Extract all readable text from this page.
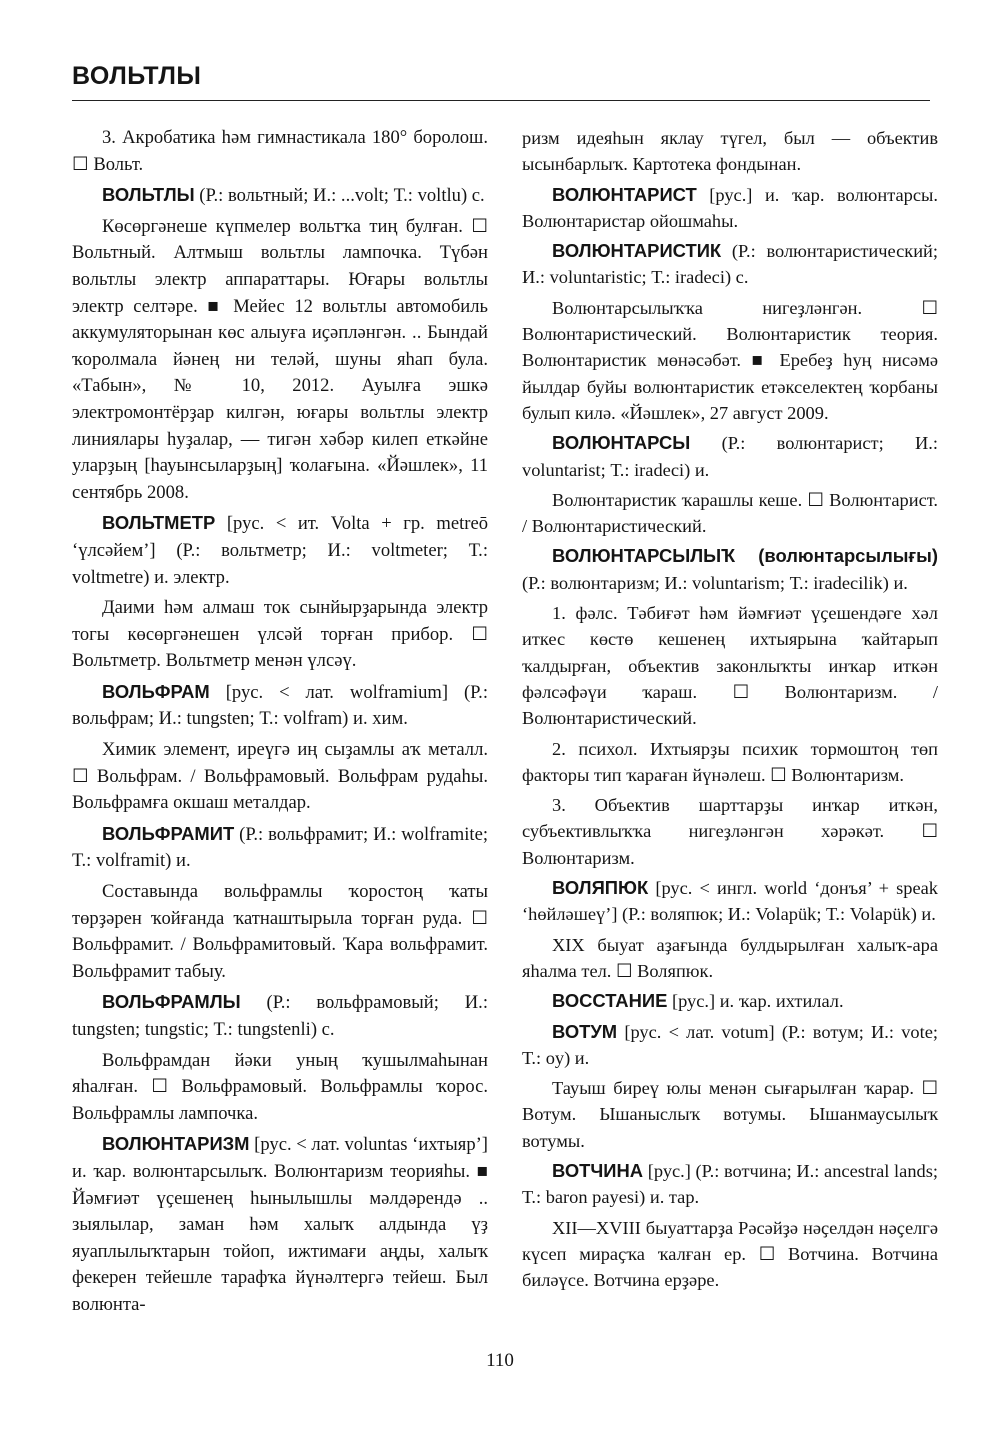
ВОЛЬТЛЫ

3. Акробатика һәм гимнастикала 180° боролош. ☐ Вольт.

ВОЛЬТЛЫ (Р.: вольтный; И.: ...volt; Т.: voltlu) с.

Көсөргәнеше күпмелер вольтҡа тиң булған. ☐ Вольтный. Алтмыш вольтлы лампочка. Түбән вольтлы электр аппараттары. Юғары вольтлы электр селтәре. ■ Мейес 12 вольтлы автомобиль аккумуляторынан көс алыуға иҫәпләнгән. .. Бындай ҡоролмала йәнең ни теләй, шуны яһап була. «Табын», № 10, 2012. Ауылға эшкә электромонтёрҙар килгән, юғары вольтлы электр линиялары һуҙалар, — тигән хәбәр килеп еткәйне уларҙың [һауынсыларҙың] ҡолағына. «Йәшлек», 11 сентябрь 2008.

ВОЛЬТМЕТР [рус. < ит. Volta + гр. metreō ‘үлсәйем’] (Р.: вольтметр; И.: voltmeter; Т.: voltmetre) и. электр.

Даими һәм алмаш ток сынйырҙарында электр тогы көсөргәнешен үлсәй торған прибор. ☐ Вольтметр. Вольтметр менән үлсәү.

ВОЛЬФРАМ [рус. < лат. wolframium] (Р.: вольфрам; И.: tungsten; Т.: volfram) и. хим.

Химик элемент, иреүгә иң сыҙамлы аҡ металл. ☐ Вольфрам. / Вольфрамовый. Вольфрам рудаһы. Вольфрамға окшаш металдар.

ВОЛЬФРАМИТ (Р.: вольфрамит; И.: wolframite; Т.: volframit) и.

Составында вольфрамлы ҡоростоң ҡаты төрҙәрен ҡойғанда ҡатнаштырыла торған руда. ☐ Вольфрамит. / Вольфрамитовый. Ҡара вольфрамит. Вольфрамит табыу.

ВОЛЬФРАМЛЫ (Р.: вольфрамовый; И.: tungsten; tungstic; Т.: tungstenli) с.

Вольфрамдан йәки уның ҡушылмаһынан яһалған. ☐ Вольфрамовый. Вольфрамлы ҡорос. Вольфрамлы лампочка.

ВОЛЮНТАРИЗМ [рус. < лат. voluntas ‘ихтыяр’] и. ҡар. волюнтарсылыҡ. Волюнтаризм теорияһы. ■ Йәмғиәт үҫешенең һынылышлы мәлдәрендә .. зыялылар, заман һәм халыҡ алдында үҙ яуаплылыҡтарын тойоп, ижтимағи аңды, халыҡ фекерен тейешле тарафҡа йүнәлтергә тейеш. Был волюнта-

ризм идеяһын яклау түгел, был — объектив ысынбарлыҡ. Картотека фондынан.

ВОЛЮНТАРИСТ [рус.] и. ҡар. волюнтарсы. Волюнтаристар ойошмаһы.

ВОЛЮНТАРИСТИК (Р.: волюнтаристический; И.: voluntaristic; Т.: iradeci) с.

Волюнтарсылыҡҡа нигеҙләнгән. ☐ Волюнтаристический. Волюнтаристик теория. Волюнтаристик мөнәсәбәт. ■ Еребеҙ һуң нисәмә йылдар буйы волюнтаристик етәкселектең ҡорбаны булып килә. «Йәшлек», 27 август 2009.

ВОЛЮНТАРСЫ (Р.: волюнтарист; И.: voluntarist; Т.: iradeci) и.

Волюнтаристик ҡарашлы кеше. ☐ Волюнтарист. / Волюнтаристический.

ВОЛЮНТАРСЫЛЫҠ (волюнтарсылығы) (Р.: волюнтаризм; И.: voluntarism; Т.: iradecilik) и.

1. фәлс. Тәбиғәт һәм йәмғиәт үҫешендәге хәл иткес көстө кешенең ихтыярына ҡайтарып ҡалдырған, объектив законлыҡты инҡар иткән фәлсәфәүи ҡараш. ☐ Волюнтаризм. / Волюнтаристический.

2. психол. Ихтыярҙы психик тормоштоң төп факторы тип ҡараған йүнәлеш. ☐ Волюнтаризм.

3. Объектив шарттарҙы инҡар иткән, субъективлыҡҡа нигеҙләнгән хәрәкәт. ☐ Волюнтаризм.

ВОЛЯПЮК [рус. < ингл. world ‘донъя’ + speak ‘һөйләшеү’] (Р.: воляпюк; И.: Volapük; Т.: Volapük) и.

XIX быуат аҙағында булдырылған халыҡ-ара яһалма тел. ☐ Воляпюк.

ВОССТАНИЕ [рус.] и. ҡар. ихтилал.

ВОТУМ [рус. < лат. votum] (Р.: вотум; И.: vote; Т.: oy) и.

Тауыш биреү юлы менән сығарылған ҡарар. ☐ Вотум. Ышаныслыҡ вотумы. Ышанмаусылыҡ вотумы.

ВОТЧИНА [рус.] (Р.: вотчина; И.: ancestral lands; Т.: baron payesi) и. тар.

XII—XVIII быуаттарҙа Рәсәйҙә нәҫелдән нәҫелгә күсеп мираҫҡа ҡалған ер. ☐ Вотчина. Вотчина биләүсе. Вотчина ерҙәре.

110
